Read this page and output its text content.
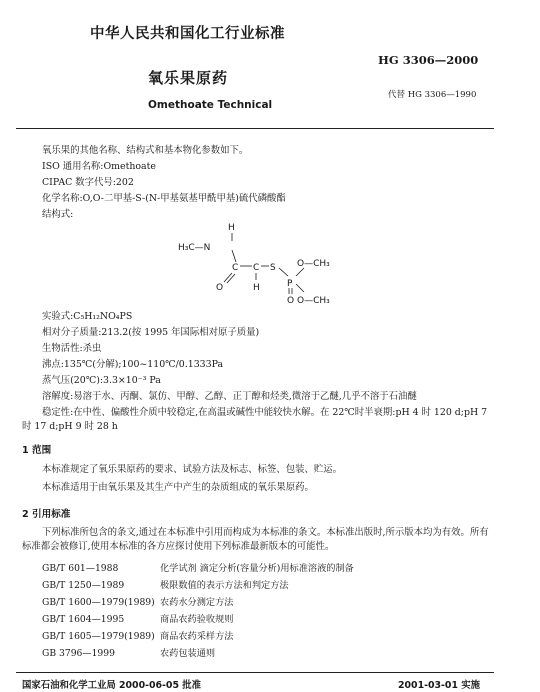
中华人民共和国化工行业标准
HG 3306—2000
氧乐果原药
代替 HG 3306—1990
Omethoate Technical
氧乐果的其他名称、结构式和基本物化参数如下。
ISO 通用名称:Omethoate
CIPAC 数字代号:202
化学名称:O,O-二甲基-S-(N-甲基氨基甲酰甲基)硫代磷酸酯
结构式:
H
H₃C—N
C C S
O	H	P
O—CH₃
O O—CH₃
实验式:C₅H₁₂NO₄PS
相对分子质量:213.2(按 1995 年国际相对原子质量)
生物活性:杀虫
沸点:135℃(分解);100~110℃/0.1333Pa
蒸气压(20℃):3.3×10⁻³ Pa
溶解度:易溶于水、丙酮、氯仿、甲醇、乙醇、正丁醇和烃类,微溶于乙醚,几乎不溶于石油醚
稳定性:在中性、偏酸性介质中较稳定,在高温或碱性中能较快水解。在 22℃时半衰期:pH 4 时 120 d;pH 7 时 17 d;pH 9 时 28 h
1 范围
本标准规定了氧乐果原药的要求、试验方法及标志、标签、包装、贮运。
本标准适用于由氧乐果及其生产中产生的杂质组成的氧乐果原药。
2 引用标准
下列标准所包含的条文,通过在本标准中引用而构成为本标准的条文。本标准出版时,所示版本均为有效。所有标准都会被修订,使用本标准的各方应探讨使用下列标准最新版本的可能性。
GB/T 601—1988	化学试剂 滴定分析(容量分析)用标准溶液的制备
GB/T 1250—1989	极限数值的表示方法和判定方法
GB/T 1600—1979(1989) 农药水分测定方法
GB/T 1604—1995	商品农药验收规则
GB/T 1605—1979(1989) 商品农药采样方法
GB 3796—1999	农药包装通则
国家石油和化学工业局 2000-06-05 批准	2001-03-01 实施
